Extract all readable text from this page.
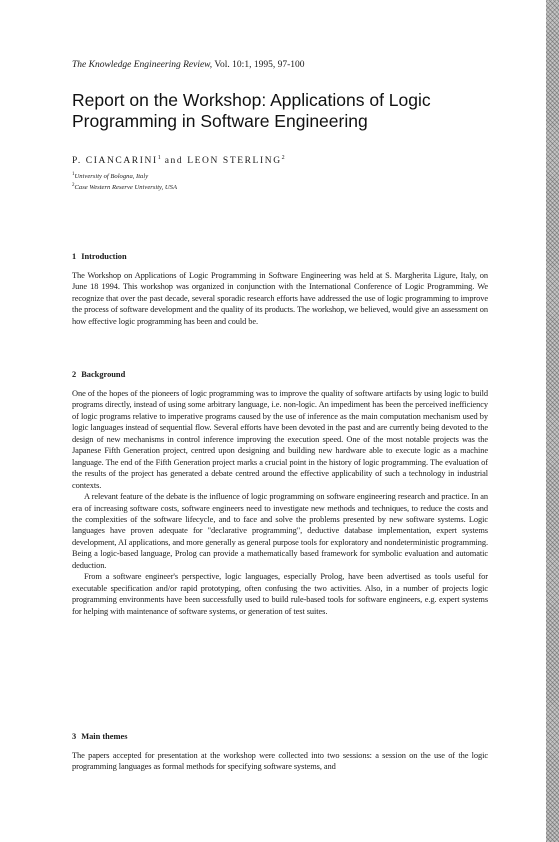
The Knowledge Engineering Review, Vol. 10:1, 1995, 97-100
Report on the Workshop: Applications of Logic Programming in Software Engineering
P. CIANCARINI$^1$ and LEON STERLING$^2$
$^1$University of Bologna, Italy
$^2$Case Western Reserve University, USA
1 Introduction

The Workshop on Applications of Logic Programming in Software Engineering was held at S. Margherita Ligure, Italy, on June 18 1994. This workshop was organized in conjunction with the International Conference of Logic Programming. We recognize that over the past decade, several sporadic research efforts have addressed the use of logic programming to improve the process of software development and the quality of its products. The workshop, we believed, would give an assessment on how effective logic programming has been and could be.

2 Background

One of the hopes of the pioneers of logic programming was to improve the quality of software artifacts by using logic to build programs directly, instead of using some arbitrary language, i.e. non-logic. An impediment has been the perceived inefficiency of logic programs relative to imperative programs caused by the use of inference as the main computation mechanism used by logic languages instead of sequential flow. Several efforts have been devoted in the past and are currently being devoted to the design of new mechanisms in control inference improving the execution speed. One of the most notable projects was the Japanese Fifth Generation project, centred upon designing and building new hardware able to execute logic as a machine language. The end of the Fifth Generation project marks a crucial point in the history of logic programming. The evaluation of the results of the project has generated a debate centred around the effective applicability of such a technology in industrial contexts.

A relevant feature of the debate is the influence of logic programming on software engineering research and practice. In an era of increasing software costs, software engineers need to investigate new methods and techniques, to reduce the costs and the complexities of the software lifecycle, and to face and solve the problems presented by new software systems. Logic languages have proven adequate for "declarative programming", deductive database implementation, expert systems development, AI applications, and more generally as general purpose tools for exploratory and nondeterministic programming. Being a logic-based language, Prolog can provide a mathematically based framework for symbolic evaluation and automatic deduction.

From a software engineer's perspective, logic languages, especially Prolog, have been advertised as tools useful for executable specification and/or rapid prototyping, often confusing the two activities. Also, in a number of projects logic programming environments have been successfully used to build rule-based tools for software engineers, e.g. expert systems for helping with maintenance of software systems, or generation of test suites.

3 Main themes

The papers accepted for presentation at the workshop were collected into two sessions: a session on the use of the logic programming languages as formal methods for specifying software systems, and
